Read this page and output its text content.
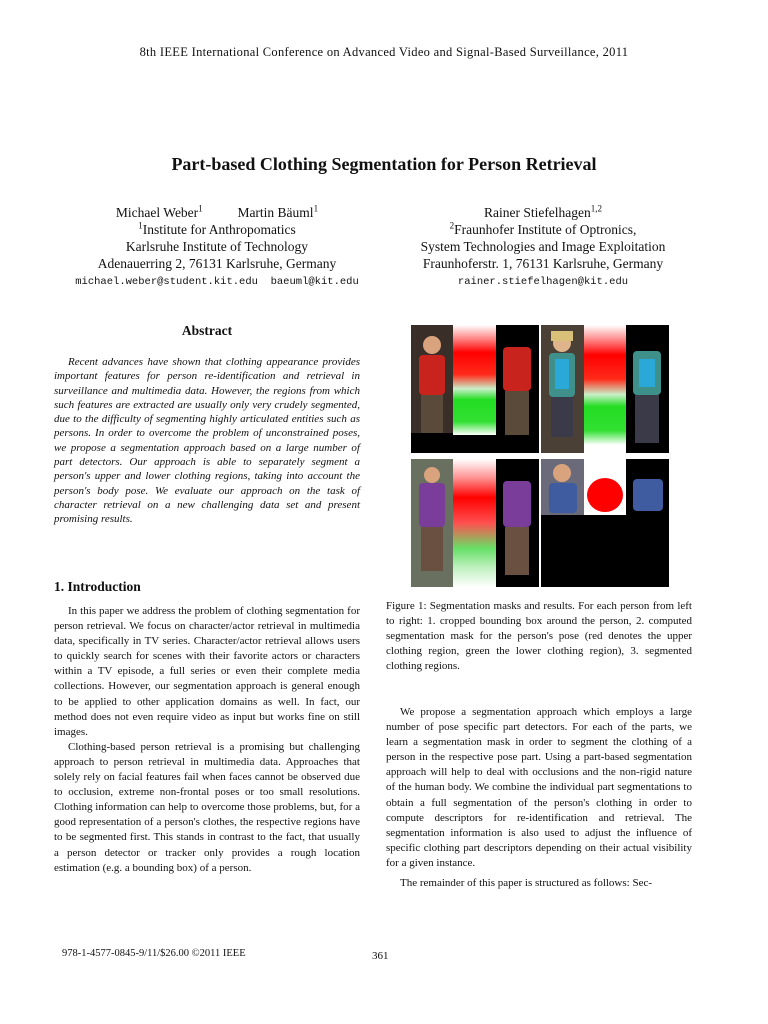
8th IEEE International Conference on Advanced Video and Signal-Based Surveillance, 2011
Part-based Clothing Segmentation for Person Retrieval
Michael Weber$^1$	Martin Bäuml$^1$
$^1$Institute for Anthropomatics
Karlsruhe Institute of Technology
Adenauerring 2, 76131 Karlsruhe, Germany
michael.weber@student.kit.edu baeuml@kit.edu
Rainer Stiefelhagen$^{1,2}$
$^2$Fraunhofer Institute of Optronics,
System Technologies and Image Exploitation
Fraunhoferstr. 1, 76131 Karlsruhe, Germany
rainer.stiefelhagen@kit.edu
Abstract

Recent advances have shown that clothing appearance provides important features for person re-identification and retrieval in surveillance and multimedia data. However, the regions from which such features are extracted are usually only very crudely segmented, due to the difficulty of segmenting highly articulated entities such as persons. In order to overcome the problem of unconstrained poses, we propose a segmentation approach based on a large number of part detectors. Our approach is able to separately segment a person's upper and lower clothing regions, taking into account the person's body pose. We evaluate our approach on the task of character retrieval on a new challenging data set and present promising results.

1. Introduction

In this paper we address the problem of clothing segmentation for person retrieval. We focus on character/actor retrieval in multimedia data, specifically in TV series. Character/actor retrieval allows users to quickly search for scenes with their favorite actors or characters within a TV episode, a full series or even their complete media collections. However, our segmentation approach is general enough to be applied to other application domains as well. In fact, our method does not even require video as input but works fine on still images.

Clothing-based person retrieval is a promising but challenging approach to person retrieval in multimedia data. Approaches that solely rely on facial features fail when faces cannot be observed due to occlusion, extreme non-frontal poses or too small resolutions. Clothing information can help to overcome those problems, but, for a good representation of a person's clothes, the respective regions have to be segmented first. This stands in contrast to the fact, that usually a person detector or tracker only provides a rough location estimation (e.g. a bounding box) of a person.

Figure 1: Segmentation masks and results. For each person from left to right: 1. cropped bounding box around the person, 2. computed segmentation mask for the person's pose (red denotes the upper clothing region, green the lower clothing region), 3. segmented clothing regions.

We propose a segmentation approach which employs a large number of pose specific part detectors. For each of the parts, we learn a segmentation mask in order to segment the clothing of a person in the respective pose part. Using a part-based segmentation approach will help to deal with occlusions and the non-rigid nature of the human body. We combine the individual part segmentations to obtain a full segmentation of the person's clothing in order to compute descriptors for re-identification and retrieval. The segmentation information is also used to adjust the influence of specific clothing part descriptors depending on their actual visibility for a given instance.

The remainder of this paper is structured as follows: Sec-

978-1-4577-0845-9/11/$26.00 ©2011 IEEE	361
